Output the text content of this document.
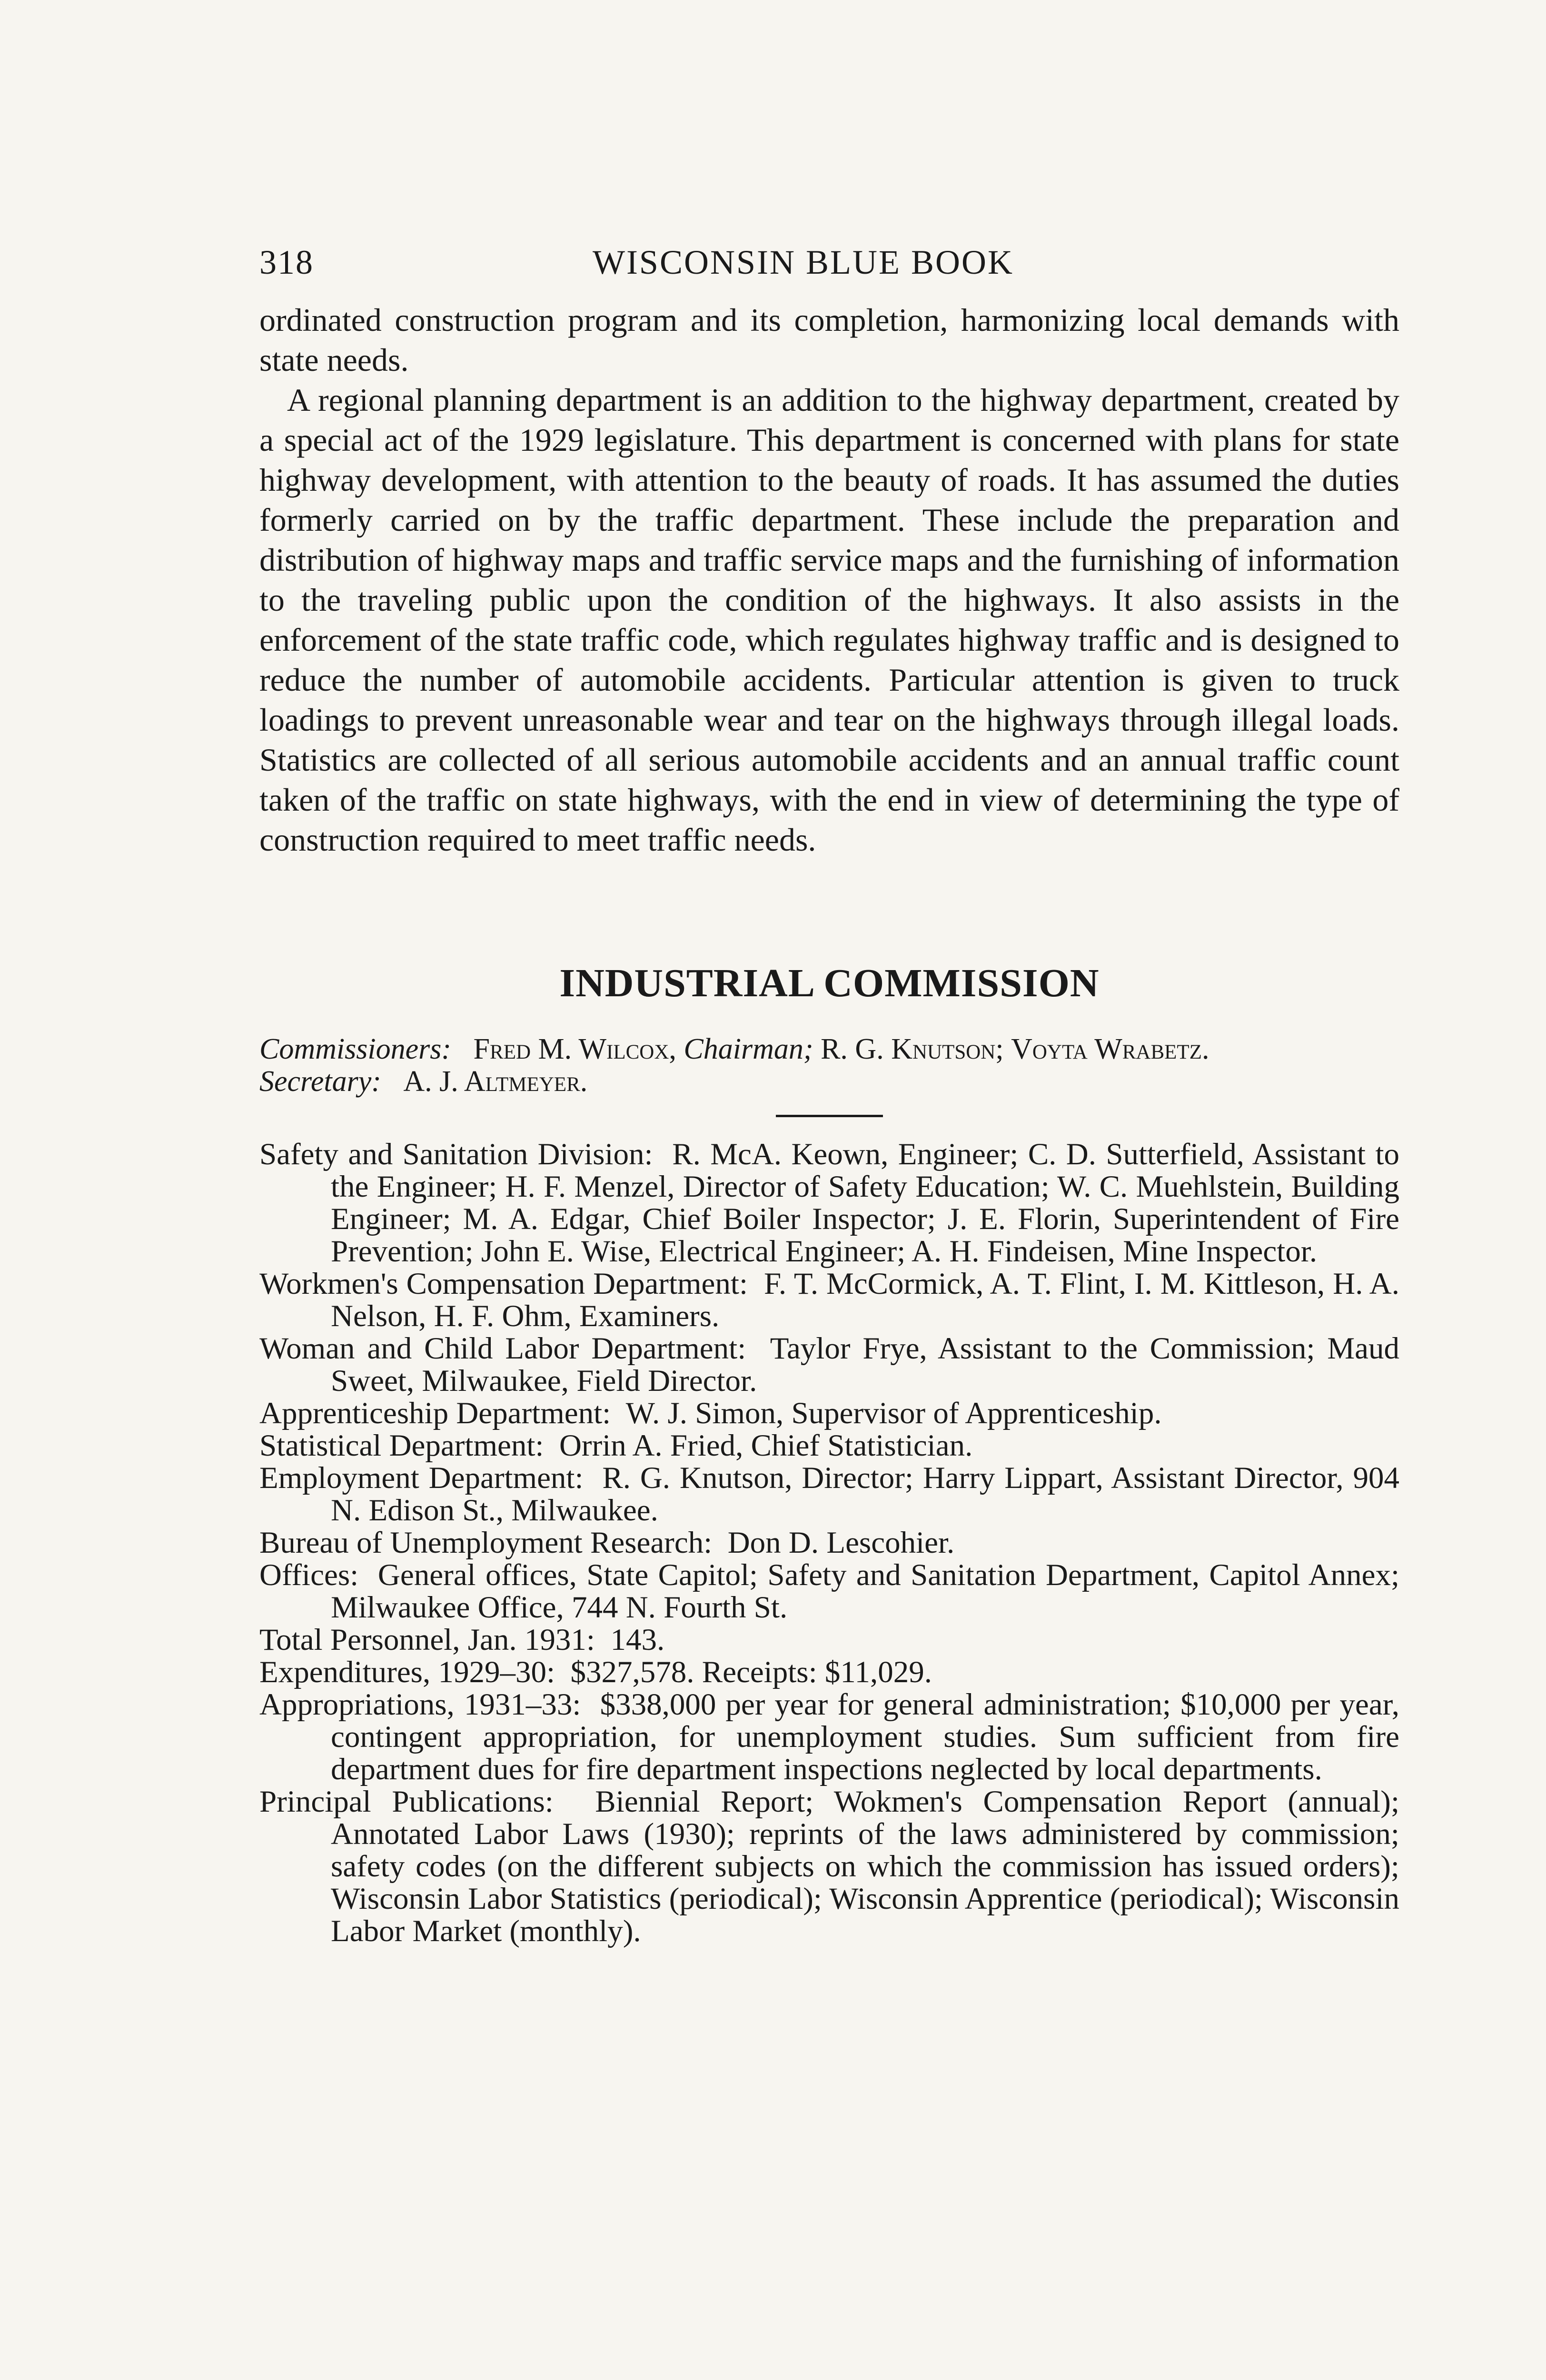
318	WISCONSIN BLUE BOOK

ordinated construction program and its completion, harmonizing local demands with state needs.

A regional planning department is an addition to the highway department, created by a special act of the 1929 legislature. This department is concerned with plans for state highway development, with attention to the beauty of roads. It has assumed the duties formerly carried on by the traffic department. These include the preparation and distribution of highway maps and traffic service maps and the furnishing of information to the traveling public upon the condition of the highways. It also assists in the enforcement of the state traffic code, which regulates highway traffic and is designed to reduce the number of automobile accidents. Particular attention is given to truck loadings to prevent unreasonable wear and tear on the highways through illegal loads. Statistics are collected of all serious automobile accidents and an annual traffic count taken of the traffic on state highways, with the end in view of determining the type of construction required to meet traffic needs.

INDUSTRIAL COMMISSION
Commissioners: Fred M. Wilcox, Chairman; R. G. Knutson; Voyta Wrabetz.
Secretary: A. J. Altmeyer.

Safety and Sanitation Division: R. McA. Keown, Engineer; C. D. Sutterfield, Assistant to the Engineer; H. F. Menzel, Director of Safety Education; W. C. Muehlstein, Building Engineer; M. A. Edgar, Chief Boiler Inspector; J. E. Florin, Superintendent of Fire Prevention; John E. Wise, Electrical Engineer; A. H. Findeisen, Mine Inspector.

Workmen's Compensation Department: F. T. McCormick, A. T. Flint, I. M. Kittleson, H. A. Nelson, H. F. Ohm, Examiners.

Woman and Child Labor Department: Taylor Frye, Assistant to the Commission; Maud Sweet, Milwaukee, Field Director.

Apprenticeship Department: W. J. Simon, Supervisor of Apprenticeship.

Statistical Department: Orrin A. Fried, Chief Statistician.

Employment Department: R. G. Knutson, Director; Harry Lippart, Assistant Director, 904 N. Edison St., Milwaukee.

Bureau of Unemployment Research: Don D. Lescohier.

Offices: General offices, State Capitol; Safety and Sanitation Department, Capitol Annex; Milwaukee Office, 744 N. Fourth St.

Total Personnel, Jan. 1931: 143.

Expenditures, 1929–30: $327,578. Receipts: $11,029.

Appropriations, 1931–33: $338,000 per year for general administration; $10,000 per year, contingent appropriation, for unemployment studies. Sum sufficient from fire department dues for fire department inspections neglected by local departments.

Principal Publications: Biennial Report; Wokmen's Compensation Report (annual); Annotated Labor Laws (1930); reprints of the laws administered by commission; safety codes (on the different subjects on which the commission has issued orders); Wisconsin Labor Statistics (periodical); Wisconsin Apprentice (periodical); Wisconsin Labor Market (monthly).
